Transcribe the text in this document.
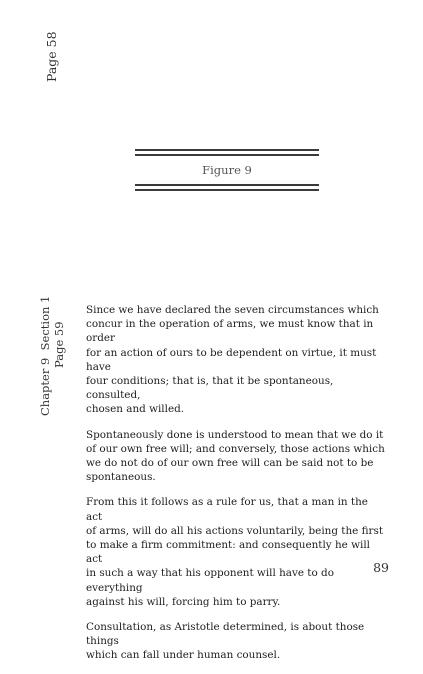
Page 58
Figure 9
Chapter 9  Section 1 Page 59

Since we have declared the seven circumstances which
concur in the operation of arms, we must know that in order
for an action of ours to be dependent on virtue, it must have
four conditions; that is, that it be spontaneous, consulted,
chosen and willed.

Spontaneously done is understood to mean that we do it
of our own free will; and conversely, those actions which
we do not do of our own free will can be said not to be
spontaneous.

From this it follows as a rule for us, that a man in the act
of arms, will do all his actions voluntarily, being the first
to make a firm commitment: and consequently he will act
in such a way that his opponent will have to do everything
against his will, forcing him to parry.

Consultation, as Aristotle determined, is about those things
which can fall under human counsel.

89
